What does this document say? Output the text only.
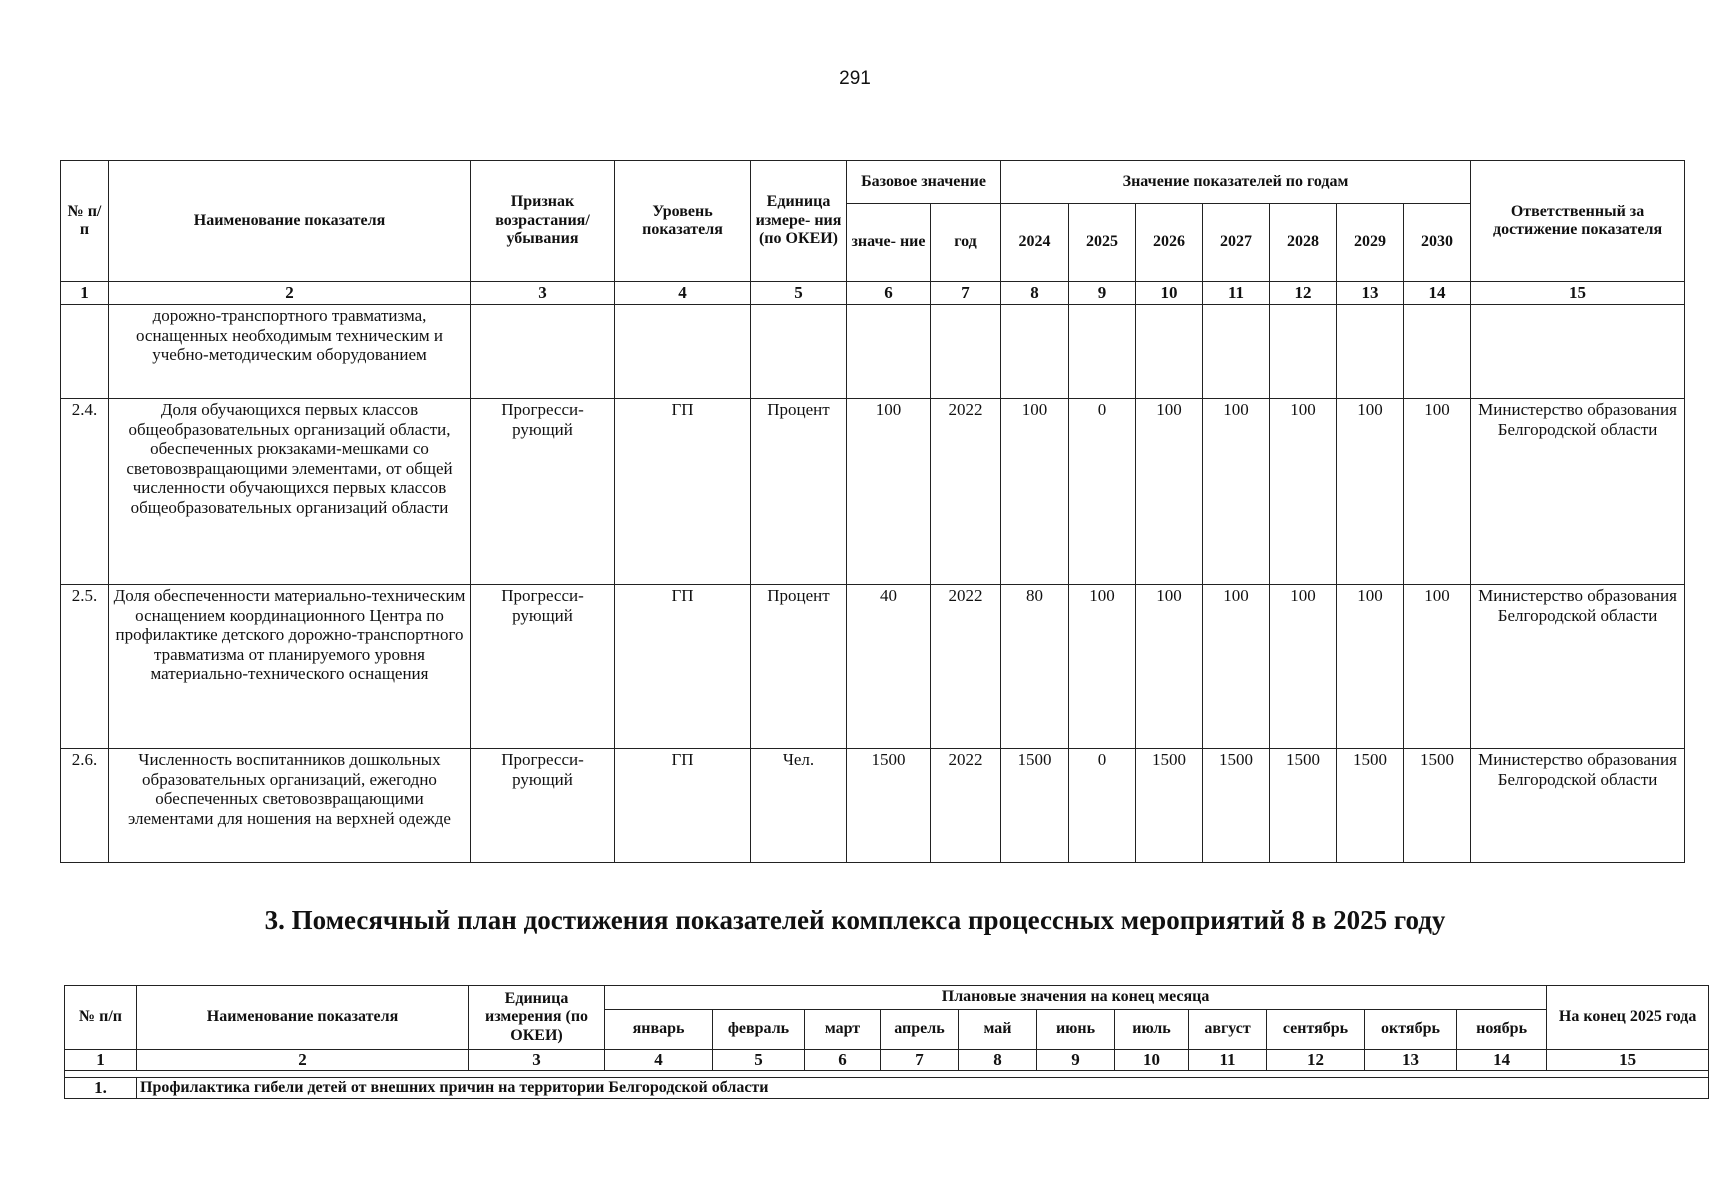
291
№ п/п	Наименование показателя	Признак возрастания/ убывания	Уровень показателя	Единица измере- ния (по ОКЕИ)	Базовое значение		Значение показателей по годам							Ответственный за достижение показателя
					значе- ние	год	2024	2025	2026	2027	2028	2029	2030	
1	2	3	4	5	6	7	8	9	10	11	12	13	14	15
	дорожно-транспортного травматизма, оснащенных необходимым техническим и учебно-методическим оборудованием													
2.4.	Доля обучающихся первых классов общеобразовательных организаций области, обеспеченных рюкзаками-мешками со световозвращающими элементами, от общей численности обучающихся первых классов общеобразовательных организаций области	Прогресси- рующий	ГП	Процент	100	2022	100	0	100	100	100	100	100	Министерство образования Белгородской области
2.5.	Доля обеспеченности материально-техническим оснащением координационного Центра по профилактике детского дорожно-транспортного травматизма от планируемого уровня материально-технического оснащения	Прогресси- рующий	ГП	Процент	40	2022	80	100	100	100	100	100	100	Министерство образования Белгородской области
2.6.	Численность воспитанников дошкольных образовательных организаций, ежегодно обеспеченных световозвращающими элементами для ношения на верхней одежде	Прогресси- рующий	ГП	Чел.	1500	2022	1500	0	1500	1500	1500	1500	1500	Министерство образования Белгородской области
3. Помесячный план достижения показателей комплекса процессных мероприятий 8 в 2025 году
№ п/п	Наименование показателя	Единица измерения (по ОКЕИ)	Плановые значения на конец месяца											На конец 2025 года
			январь	февраль	март	апрель	май	июнь	июль	август	сентябрь	октябрь	ноябрь	
1	2	3	4	5	6	7	8	9	10	11	12	13	14	15

1.	Профилактика гибели детей от внешних причин на территории Белгородской области													
